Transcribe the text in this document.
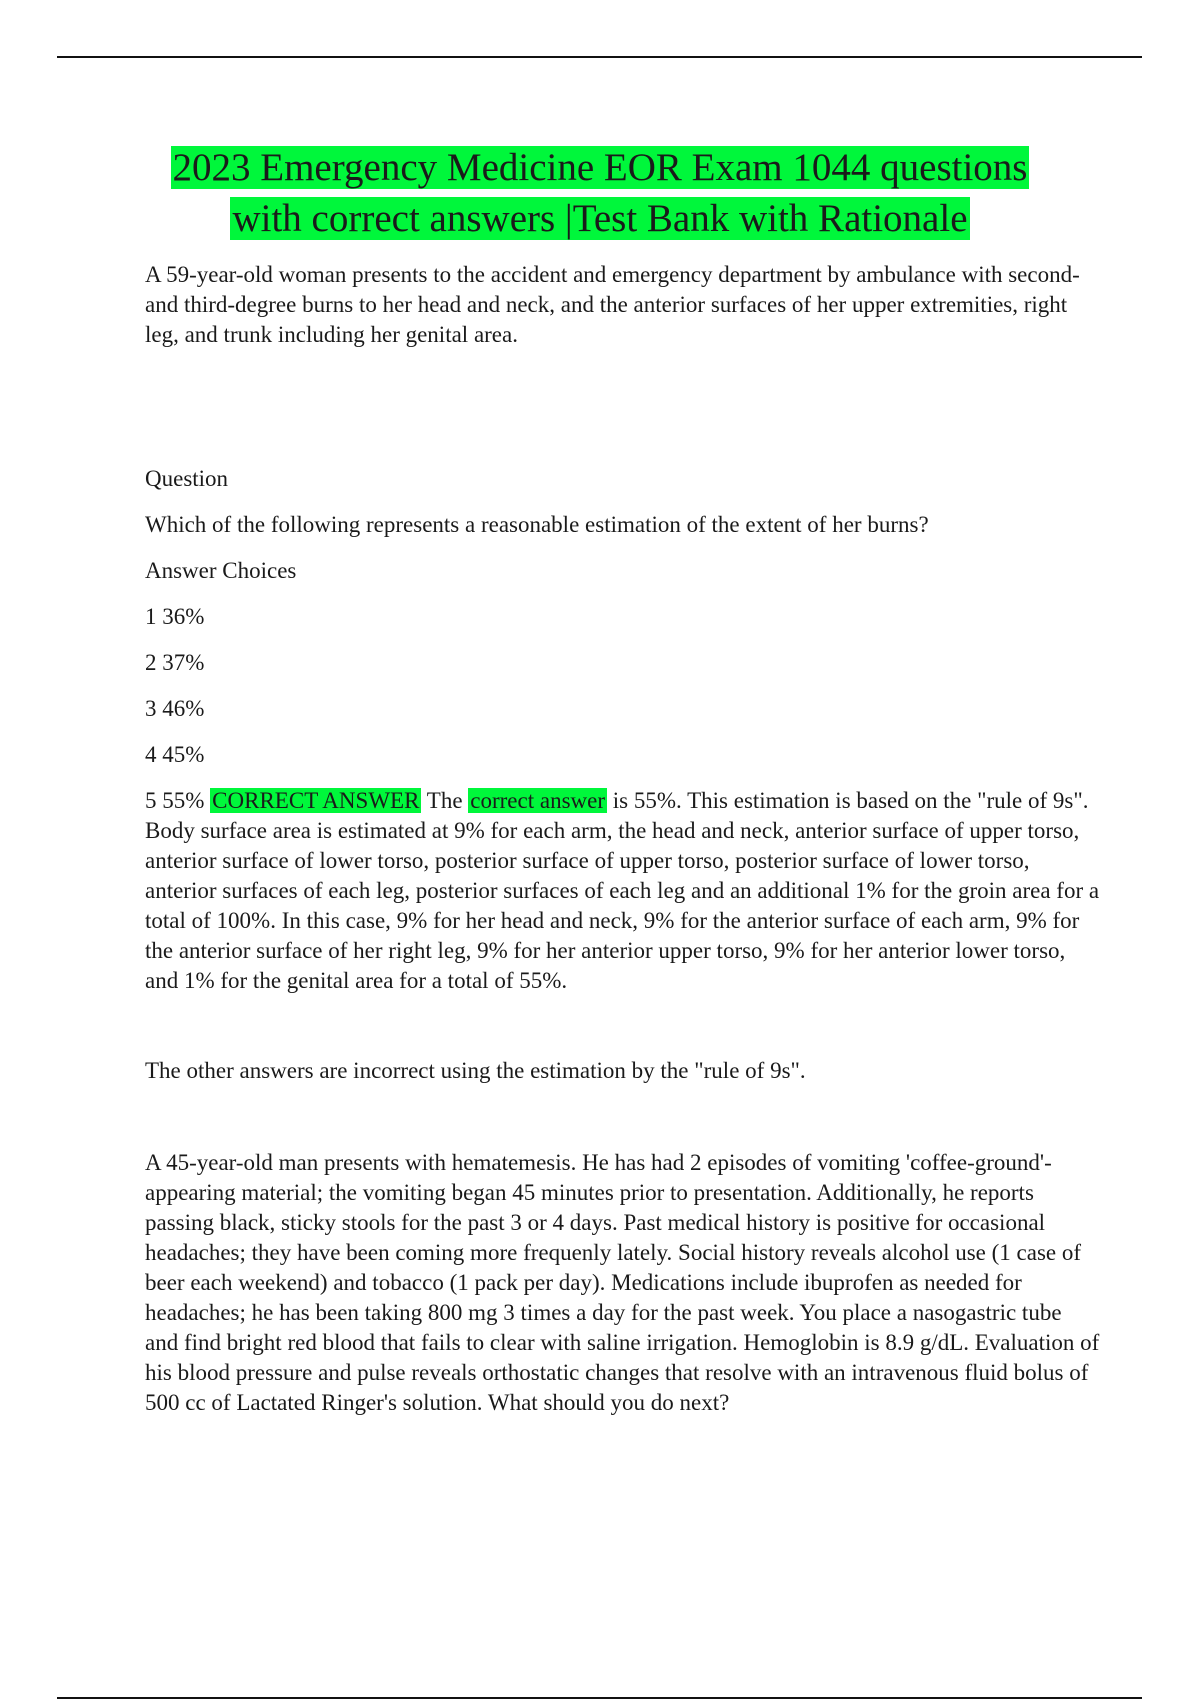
2023 Emergency Medicine EOR Exam 1044 questions
with correct answers |Test Bank with Rationale

A 59-year-old woman presents to the accident and emergency department by ambulance with second- and third-degree burns to her head and neck, and the anterior surfaces of her upper extremities, right leg, and trunk including her genital area.

Question

Which of the following represents a reasonable estimation of the extent of her burns?

Answer Choices

1 36%

2 37%

3 46%

4 45%

5 55% CORRECT ANSWER The correct answer is 55%. This estimation is based on the "rule of 9s". Body surface area is estimated at 9% for each arm, the head and neck, anterior surface of upper torso, anterior surface of lower torso, posterior surface of upper torso, posterior surface of lower torso, anterior surfaces of each leg, posterior surfaces of each leg and an additional 1% for the groin area for a total of 100%. In this case, 9% for her head and neck, 9% for the anterior surface of each arm, 9% for the anterior surface of her right leg, 9% for her anterior upper torso, 9% for her anterior lower torso, and 1% for the genital area for a total of 55%.

The other answers are incorrect using the estimation by the "rule of 9s".

A 45-year-old man presents with hematemesis. He has had 2 episodes of vomiting 'coffee-ground'-appearing material; the vomiting began 45 minutes prior to presentation. Additionally, he reports passing black, sticky stools for the past 3 or 4 days. Past medical history is positive for occasional headaches; they have been coming more frequenly lately. Social history reveals alcohol use (1 case of beer each weekend) and tobacco (1 pack per day). Medications include ibuprofen as needed for headaches; he has been taking 800 mg 3 times a day for the past week. You place a nasogastric tube and find bright red blood that fails to clear with saline irrigation. Hemoglobin is 8.9 g/dL. Evaluation of his blood pressure and pulse reveals orthostatic changes that resolve with an intravenous fluid bolus of 500 cc of Lactated Ringer's solution. What should you do next?
